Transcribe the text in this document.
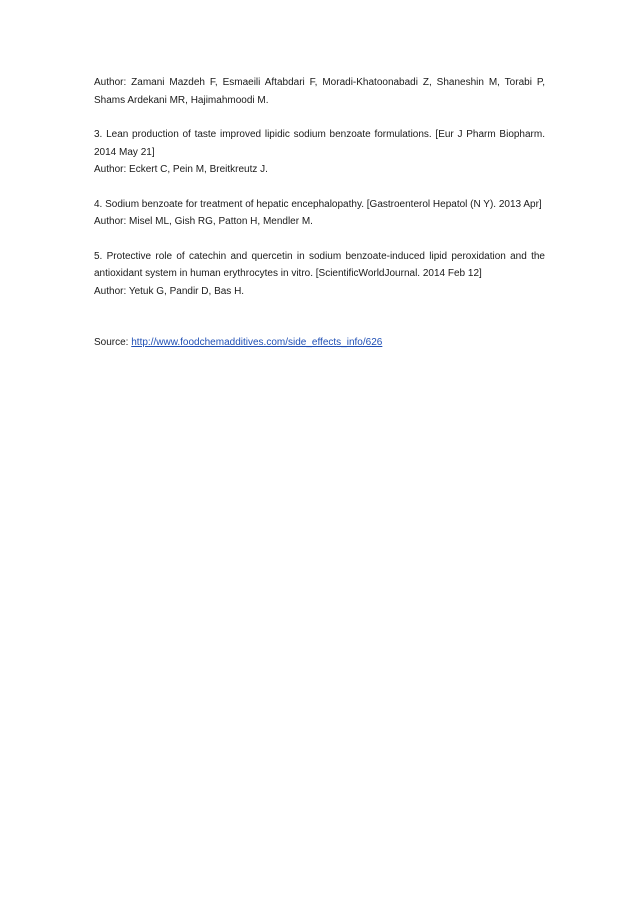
Author: Zamani Mazdeh F, Esmaeili Aftabdari F, Moradi-Khatoonabadi Z, Shaneshin M, Torabi P, Shams Ardekani MR, Hajimahmoodi M.

3. Lean production of taste improved lipidic sodium benzoate formulations. [Eur J Pharm Biopharm. 2014 May 21]

Author: Eckert C, Pein M, Breitkreutz J.

4. Sodium benzoate for treatment of hepatic encephalopathy. [Gastroenterol Hepatol (N Y). 2013 Apr]

Author: Misel ML, Gish RG, Patton H, Mendler M.

5. Protective role of catechin and quercetin in sodium benzoate-induced lipid peroxidation and the antioxidant system in human erythrocytes in vitro. [ScientificWorldJournal. 2014 Feb 12]

Author: Yetuk G, Pandir D, Bas H.

Source: http://www.foodchemadditives.com/side_effects_info/626
